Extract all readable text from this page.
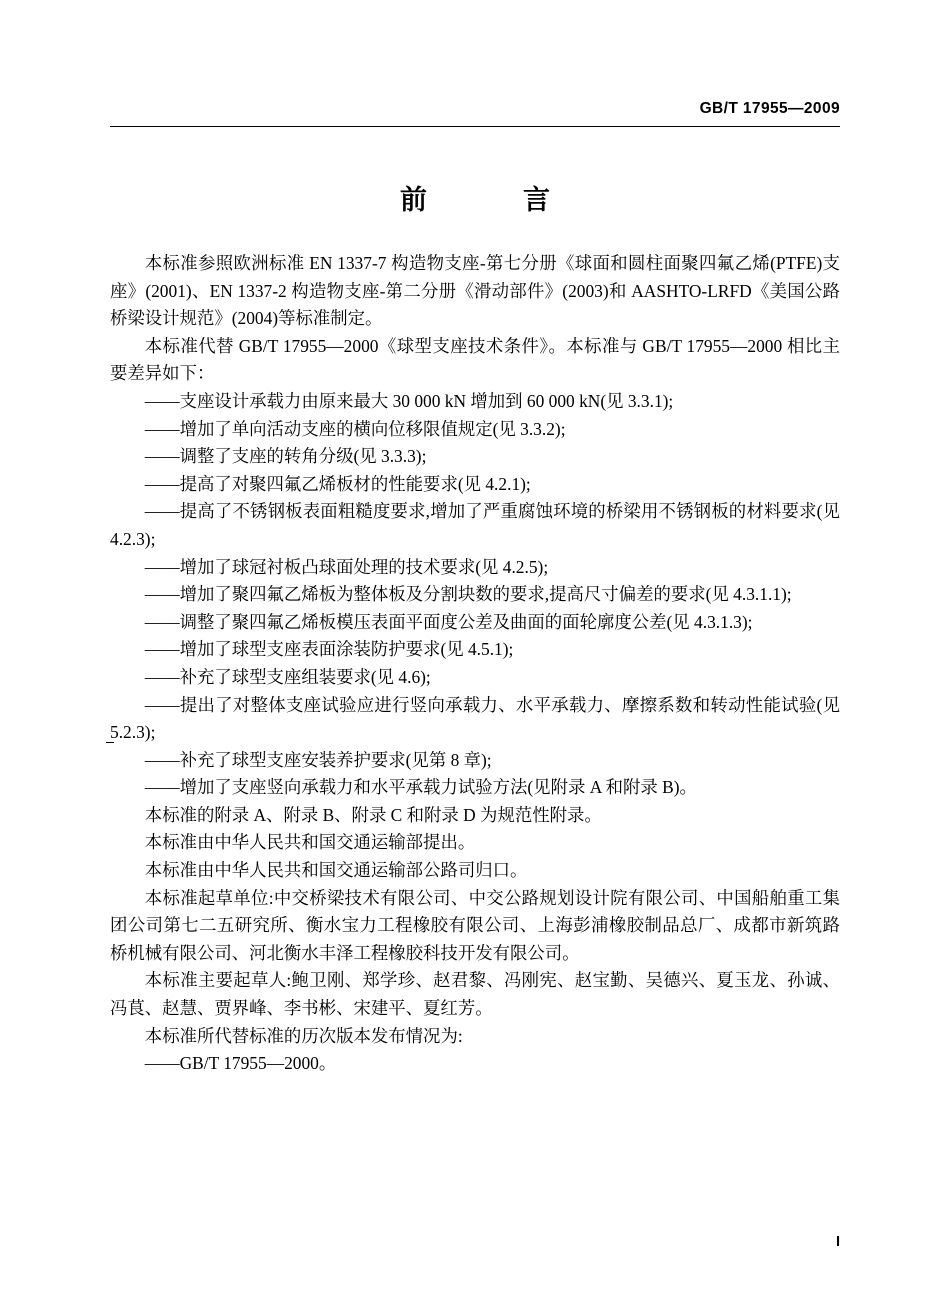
GB/T 17955—2009
前　　言

本标准参照欧洲标准 EN 1337-7 构造物支座-第七分册《球面和圆柱面聚四氟乙烯(PTFE)支座》(2001)、EN 1337-2 构造物支座-第二分册《滑动部件》(2003)和 AASHTO-LRFD《美国公路桥梁设计规范》(2004)等标准制定。

本标准代替 GB/T 17955—2000《球型支座技术条件》。本标准与 GB/T 17955—2000 相比主要差异如下：

——支座设计承载力由原来最大 30 000 kN 增加到 60 000 kN(见 3.3.1);

——增加了单向活动支座的横向位移限值规定(见 3.3.2);

——调整了支座的转角分级(见 3.3.3);

——提高了对聚四氟乙烯板材的性能要求(见 4.2.1);

——提高了不锈钢板表面粗糙度要求,增加了严重腐蚀环境的桥梁用不锈钢板的材料要求(见 4.2.3);

——增加了球冠衬板凸球面处理的技术要求(见 4.2.5);

——增加了聚四氟乙烯板为整体板及分割块数的要求,提高尺寸偏差的要求(见 4.3.1.1);

——调整了聚四氟乙烯板模压表面平面度公差及曲面的面轮廓度公差(见 4.3.1.3);

——增加了球型支座表面涂装防护要求(见 4.5.1);

——补充了球型支座组装要求(见 4.6);

——提出了对整体支座试验应进行竖向承载力、水平承载力、摩擦系数和转动性能试验(见 5.2.3);

——补充了球型支座安装养护要求(见第 8 章);

——增加了支座竖向承载力和水平承载力试验方法(见附录 A 和附录 B)。

本标准的附录 A、附录 B、附录 C 和附录 D 为规范性附录。

本标准由中华人民共和国交通运输部提出。

本标准由中华人民共和国交通运输部公路司归口。

本标准起草单位:中交桥梁技术有限公司、中交公路规划设计院有限公司、中国船舶重工集团公司第七二五研究所、衡水宝力工程橡胶有限公司、上海彭浦橡胶制品总厂、成都市新筑路桥机械有限公司、河北衡水丰泽工程橡胶科技开发有限公司。

本标准主要起草人:鲍卫刚、郑学珍、赵君黎、冯刚宪、赵宝勤、吴德兴、夏玉龙、孙诚、冯茛、赵慧、贾界峰、李书彬、宋建平、夏红芳。

本标准所代替标准的历次版本发布情况为:

——GB/T 17955—2000。

I
